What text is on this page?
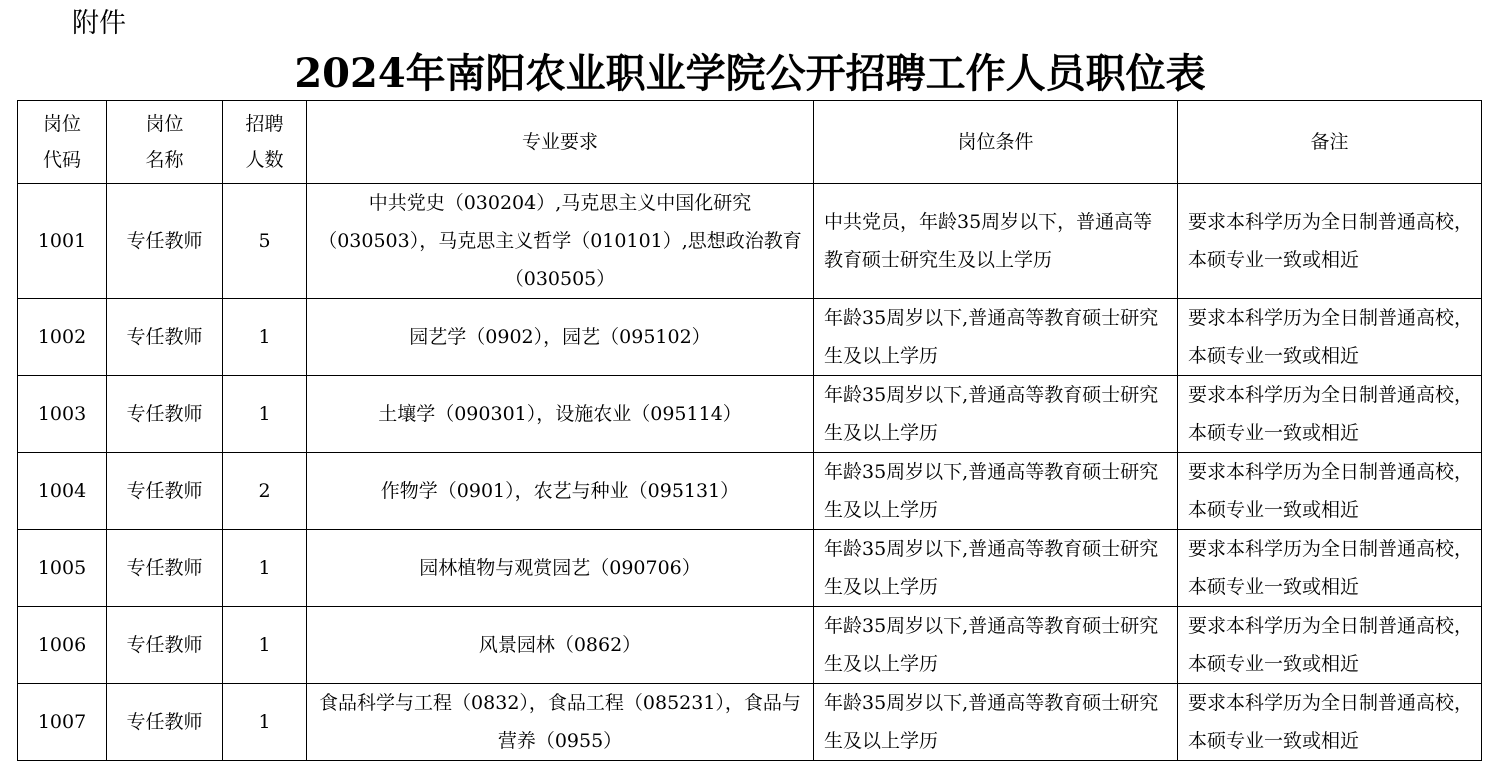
附件
2024年南阳农业职业学院公开招聘工作人员职位表
岗位代码	岗位名称	招聘人数	专业要求	岗位条件	备注
1001	专任教师	5	中共党史（030204）,马克思主义中国化研究（030503），马克思主义哲学（010101）,思想政治教育（030505）	中共党员，年龄35周岁以下，普通高等教育硕士研究生及以上学历	要求本科学历为全日制普通高校，本硕专业一致或相近
1002	专任教师	1	园艺学（0902），园艺（095102）	年龄35周岁以下,普通高等教育硕士研究生及以上学历	要求本科学历为全日制普通高校，本硕专业一致或相近
1003	专任教师	1	土壤学（090301），设施农业（095114）	年龄35周岁以下,普通高等教育硕士研究生及以上学历	要求本科学历为全日制普通高校，本硕专业一致或相近
1004	专任教师	2	作物学（0901），农艺与种业（095131）	年龄35周岁以下,普通高等教育硕士研究生及以上学历	要求本科学历为全日制普通高校，本硕专业一致或相近
1005	专任教师	1	园林植物与观赏园艺（090706）	年龄35周岁以下,普通高等教育硕士研究生及以上学历	要求本科学历为全日制普通高校，本硕专业一致或相近
1006	专任教师	1	风景园林（0862）	年龄35周岁以下,普通高等教育硕士研究生及以上学历	要求本科学历为全日制普通高校，本硕专业一致或相近
1007	专任教师	1	食品科学与工程（0832），食品工程（085231），食品与营养（0955）	年龄35周岁以下,普通高等教育硕士研究生及以上学历	要求本科学历为全日制普通高校，本硕专业一致或相近
